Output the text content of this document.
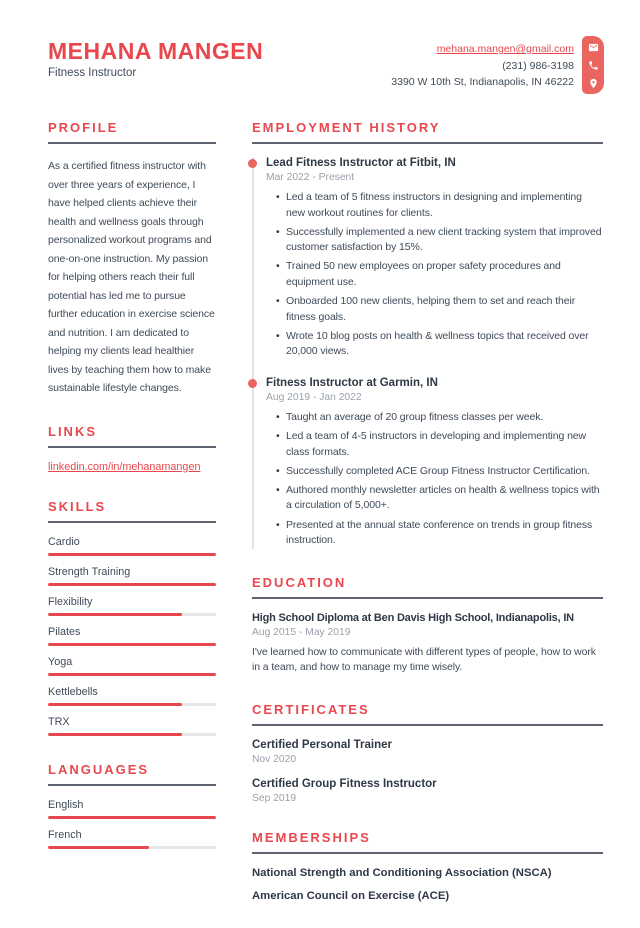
MEHANA MANGEN
Fitness Instructor
mehana.mangen@gmail.com
(231) 986-3198
3390 W 10th St, Indianapolis, IN 46222
PROFILE
As a certified fitness instructor with over three years of experience, I have helped clients achieve their health and wellness goals through personalized workout programs and one-on-one instruction. My passion for helping others reach their full potential has led me to pursue further education in exercise science and nutrition. I am dedicated to helping my clients lead healthier lives by teaching them how to make sustainable lifestyle changes.
LINKS
linkedin.com/in/mehanamangen
SKILLS
Cardio
Strength Training
Flexibility
Pilates
Yoga
Kettlebells
TRX
LANGUAGES
English
French
EMPLOYMENT HISTORY
Lead Fitness Instructor at Fitbit, IN
Mar 2022 - Present
• Led a team of 5 fitness instructors in designing and implementing new workout routines for clients.
• Successfully implemented a new client tracking system that improved customer satisfaction by 15%.
• Trained 50 new employees on proper safety procedures and equipment use.
• Onboarded 100 new clients, helping them to set and reach their fitness goals.
• Wrote 10 blog posts on health & wellness topics that received over 20,000 views.
Fitness Instructor at Garmin, IN
Aug 2019 - Jan 2022
• Taught an average of 20 group fitness classes per week.
• Led a team of 4-5 instructors in developing and implementing new class formats.
• Successfully completed ACE Group Fitness Instructor Certification.
• Authored monthly newsletter articles on health & wellness topics with a circulation of 5,000+.
• Presented at the annual state conference on trends in group fitness instruction.
EDUCATION
High School Diploma at Ben Davis High School, Indianapolis, IN
Aug 2015 - May 2019
I've learned how to communicate with different types of people, how to work in a team, and how to manage my time wisely.
CERTIFICATES
Certified Personal Trainer
Nov 2020
Certified Group Fitness Instructor
Sep 2019
MEMBERSHIPS
National Strength and Conditioning Association (NSCA)
American Council on Exercise (ACE)
